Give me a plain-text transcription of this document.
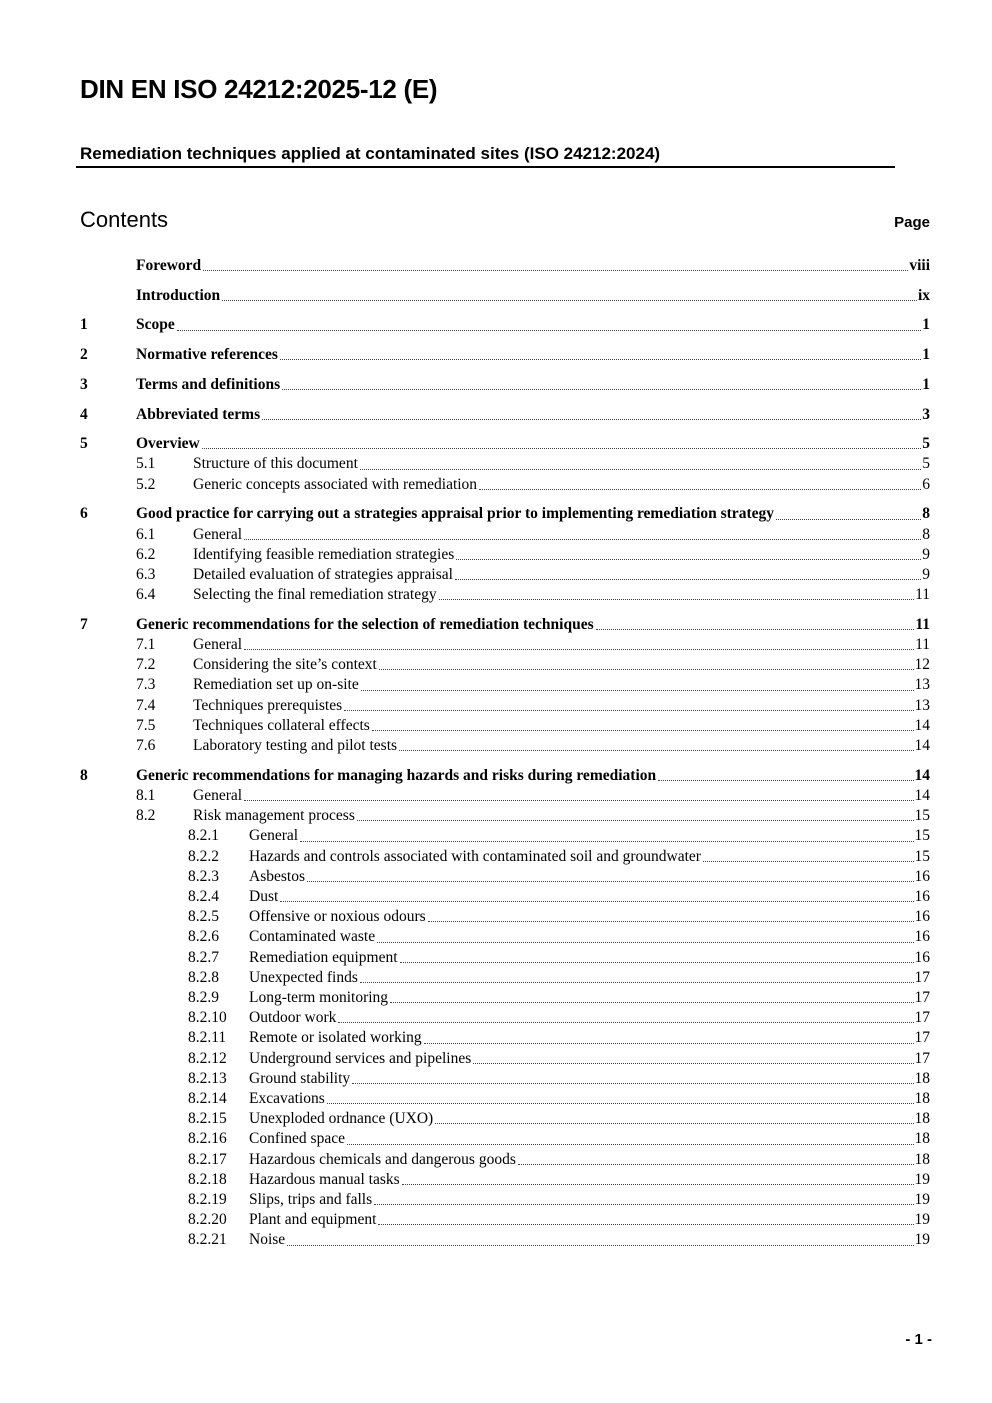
DIN EN ISO 24212:2025-12 (E)
Remediation techniques applied at contaminated sites (ISO 24212:2024)
Contents	Page
Foreword	viii
Introduction	ix
1	Scope	1
2	Normative references	1
3	Terms and definitions	1
4	Abbreviated terms	3
5	Overview	5
5.1	Structure of this document	5
5.2	Generic concepts associated with remediation	6
6	Good practice for carrying out a strategies appraisal prior to implementing remediation strategy	8
6.1	General	8
6.2	Identifying feasible remediation strategies	9
6.3	Detailed evaluation of strategies appraisal	9
6.4	Selecting the final remediation strategy	11
7	Generic recommendations for the selection of remediation techniques	11
7.1	General	11
7.2	Considering the site’s context	12
7.3	Remediation set up on-site	13
7.4	Techniques prerequistes	13
7.5	Techniques collateral effects	14
7.6	Laboratory testing and pilot tests	14
8	Generic recommendations for managing hazards and risks during remediation	14
8.1	General	14
8.2	Risk management process	15
8.2.1	General	15
8.2.2	Hazards and controls associated with contaminated soil and groundwater	15
8.2.3	Asbestos	16
8.2.4	Dust	16
8.2.5	Offensive or noxious odours	16
8.2.6	Contaminated waste	16
8.2.7	Remediation equipment	16
8.2.8	Unexpected finds	17
8.2.9	Long-term monitoring	17
8.2.10	Outdoor work	17
8.2.11	Remote or isolated working	17
8.2.12	Underground services and pipelines	17
8.2.13	Ground stability	18
8.2.14	Excavations	18
8.2.15	Unexploded ordnance (UXO)	18
8.2.16	Confined space	18
8.2.17	Hazardous chemicals and dangerous goods	18
8.2.18	Hazardous manual tasks	19
8.2.19	Slips, trips and falls	19
8.2.20	Plant and equipment	19
8.2.21	Noise	19
- 1 -
